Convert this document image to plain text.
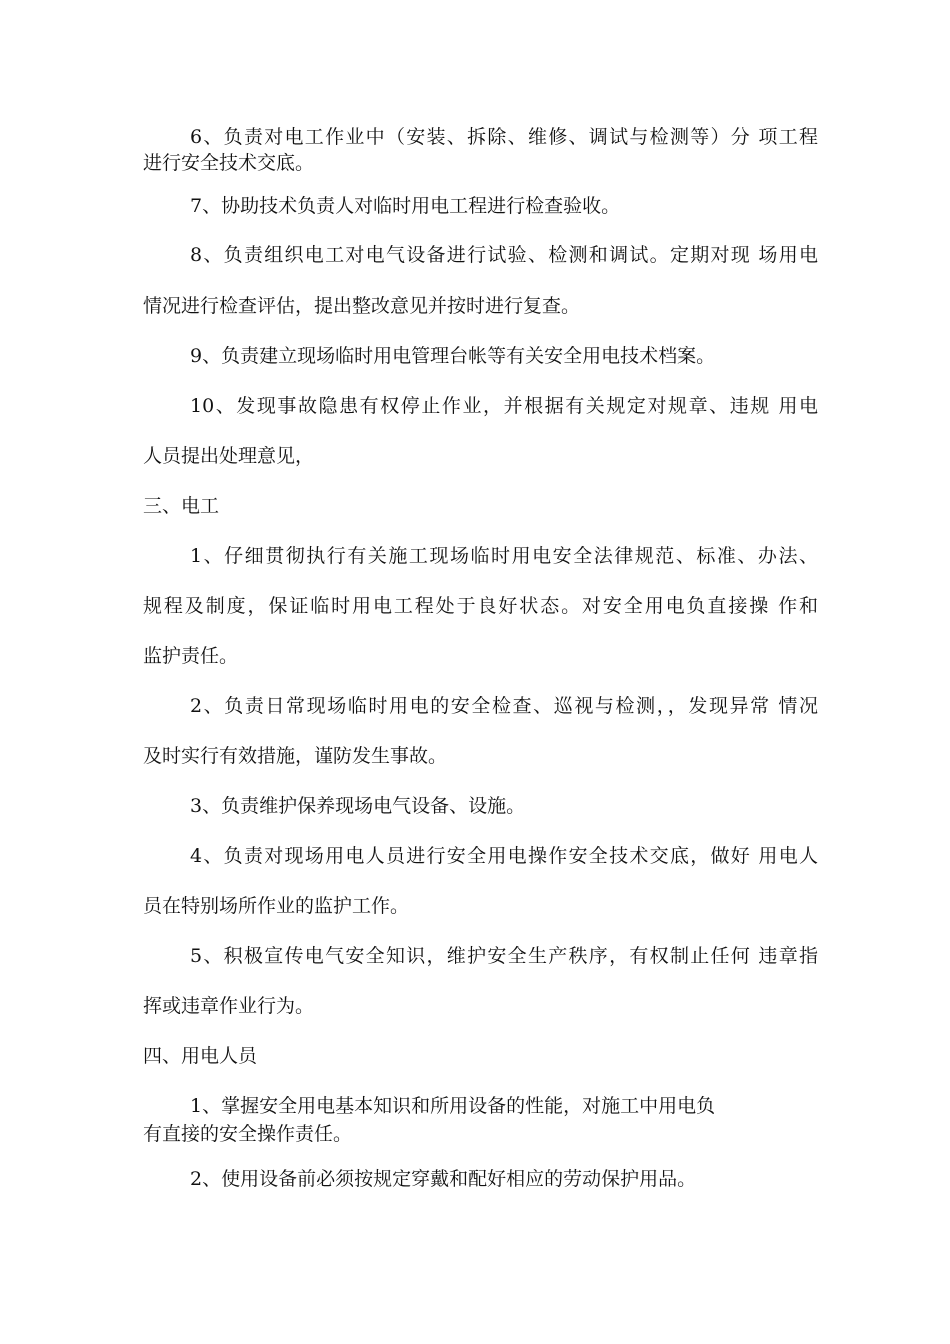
6、负责对电工作业中（安装、拆除、维修、调试与检测等）分 项工程
进行安全技术交底。
7、协助技术负责人对临时用电工程进行检查验收。
8、负责组织电工对电气设备进行试验、检测和调试。定期对现 场用电
情况进行检查评估，提出整改意见并按时进行复查。
9、负责建立现场临时用电管理台帐等有关安全用电技术档案。
10、发现事故隐患有权停止作业，并根据有关规定对规章、违规 用电
人员提出处理意见，
三、电工
1、仔细贯彻执行有关施工现场临时用电安全法律规范、标准、办法、
规程及制度，保证临时用电工程处于良好状态。对安全用电负直接操 作和
监护责任。
2、负责日常现场临时用电的安全检查、巡视与检测，，发现异常 情况
及时实行有效措施，谨防发生事故。
3、负责维护保养现场电气设备、设施。
4、负责对现场用电人员进行安全用电操作安全技术交底，做好 用电人
员在特别场所作业的监护工作。
5、积极宣传电气安全知识，维护安全生产秩序，有权制止任何 违章指
挥或违章作业行为。
四、用电人员
1、掌握安全用电基本知识和所用设备的性能，对施工中用电负
有直接的安全操作责任。
2、使用设备前必须按规定穿戴和配好相应的劳动保护用品。
